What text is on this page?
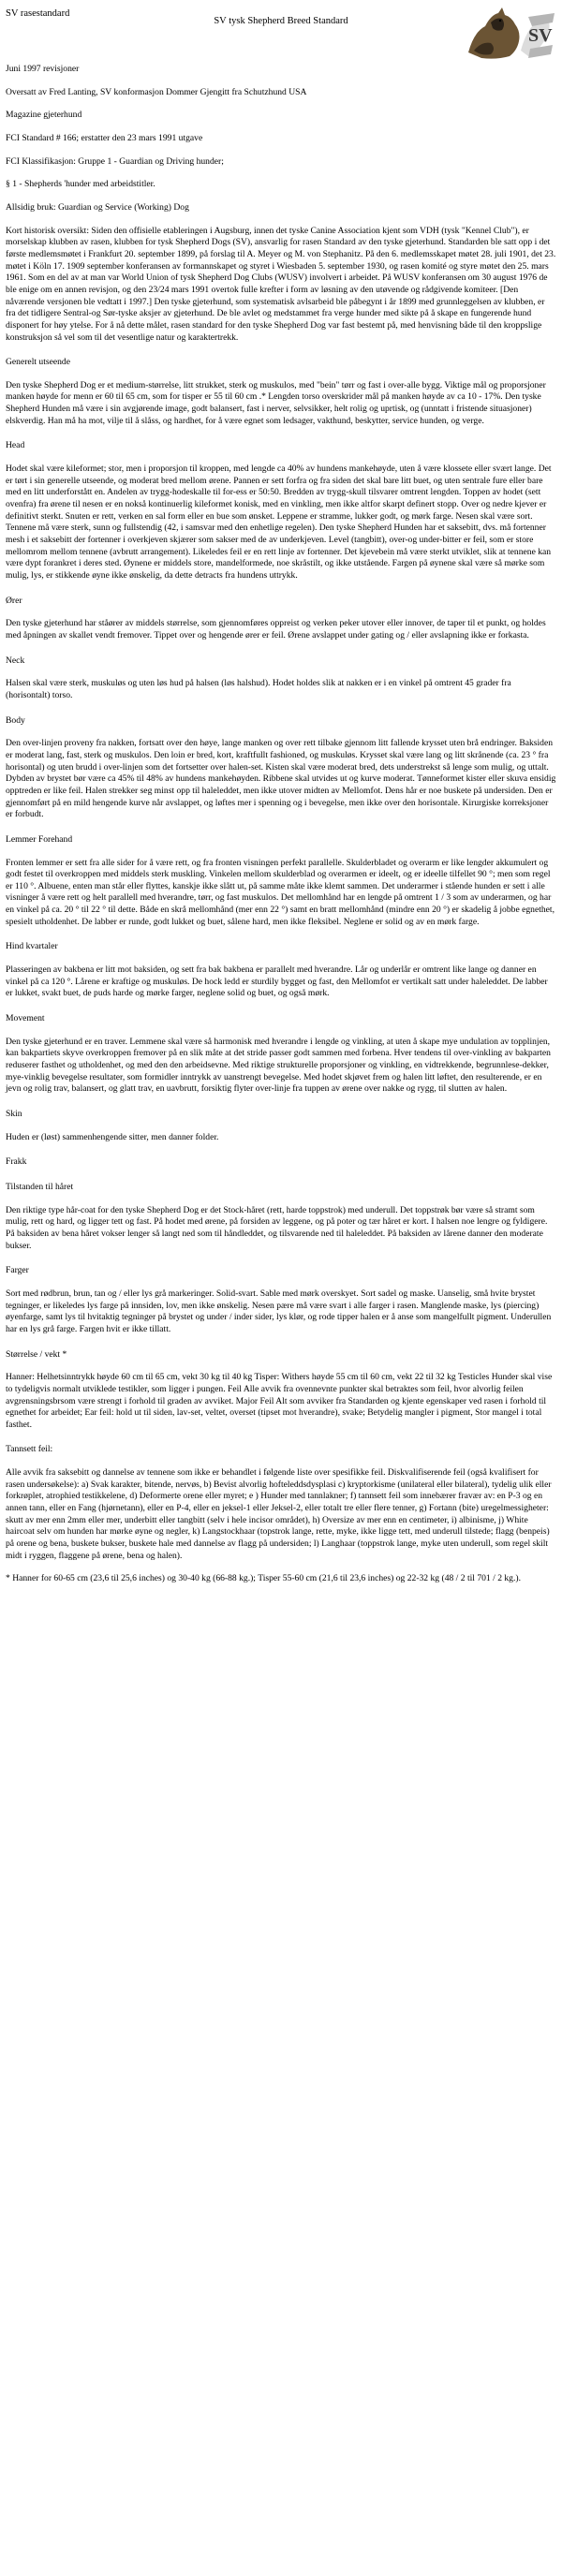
SV rasestandard
SV tysk Shepherd Breed Standard
SV

Juni 1997 revisjoner

Oversatt av Fred Lanting, SV konformasjon Dommer Gjengitt fra Schutzhund USA

Magazine gjeterhund

FCI Standard # 166; erstatter den 23 mars 1991 utgave

FCI Klassifikasjon: Gruppe 1 - Guardian og Driving hunder;

§ 1 - Shepherds 'hunder med arbeidstitler.

Allsidig bruk: Guardian og Service (Working) Dog

Kort historisk oversikt: Siden den offisielle etableringen i Augsburg, innen det tyske Canine Association kjent som VDH (tysk "Kennel Club"), er morselskap klubben av rasen, klubben for tysk Shepherd Dogs (SV), ansvarlig for rasen Standard av den tyske gjeterhund. Standarden ble satt opp i det første medlemsmøtet i Frankfurt 20. september 1899, på forslag til A. Meyer og M. von Stephanitz. På den 6. medlemsskapet møtet 28. juli 1901, det 23. møtet i Köln 17. 1909 september konferansen av formannskapet og styret i Wiesbaden 5. september 1930, og rasen komité og styre møtet den 25. mars 1961. Som en del av at man var World Union of tysk Shepherd Dog Clubs (WUSV) involvert i arbeidet. På WUSV konferansen om 30 august 1976 de ble enige om en annen revisjon, og den 23/24 mars 1991 overtok fulle krefter i form av løsning av den utøvende og rådgivende komiteer. [Den nåværende versjonen ble vedtatt i 1997.] Den tyske gjeterhund, som systematisk avlsarbeid ble påbegynt i år 1899 med grunnleggelsen av klubben, er fra det tidligere Sentral-og Sør-tyske aksjer av gjeterhund. De ble avlet og medstammet fra verge hunder med sikte på å skape en fungerende hund disponert for høy ytelse. For å nå dette målet, rasen standard for den tyske Shepherd Dog var fast bestemt på, med henvisning både til den kroppslige konstruksjon så vel som til det vesentlige natur og karaktertrekk.

Generelt utseende

Den tyske Shepherd Dog er et medium-størrelse, litt strukket, sterk og muskulos, med "bein" tørr og fast i over-alle bygg. Viktige mål og proporsjoner manken høyde for menn er 60 til 65 cm, som for tisper er 55 til 60 cm .* Lengden torso overskrider mål på manken høyde av ca 10 - 17%. Den tyske Shepherd Hunden må være i sin avgjørende image, godt balansert, fast i nerver, selvsikker, helt rolig og uprtisk, og (unntatt i fristende situasjoner) elskverdig. Han må ha mot, vilje til å slåss, og hardhet, for å være egnet som ledsager, vakthund, beskytter, service hunden, og verge.

Head

Hodet skal være kileformet; stor, men i proporsjon til kroppen, med lengde ca 40% av hundens mankehøyde, uten å være klossete eller svært lange. Det er tørt i sin generelle utseende, og moderat bred mellom ørene. Pannen er sett forfra og fra siden det skal bare litt buet, og uten sentrale fure eller bare med en litt underforstått en. Andelen av trygg-hodeskalle til for-ess er 50:50. Bredden av trygg-skull tilsvarer omtrent lengden. Toppen av hodet (sett ovenfra) fra ørene til nesen er en nokså kontinuerlig kileformet konisk, med en vinkling, men ikke altfor skarpt definert stopp. Over og nedre kjever er definitivt sterkt. Snuten er rett, verken en sal form eller en bue som ønsket. Leppene er stramme, lukker godt, og mørk farge. Nesen skal være sort. Tennene må være sterk, sunn og fullstendig (42, i samsvar med den enhetlige regelen). Den tyske Shepherd Hunden har et saksebitt, dvs. må fortenner mesh i et saksebitt der fortenner i overkjeven skjærer som sakser med de av underkjeven. Level (tangbitt), over-og under-bitter er feil, som er store mellomrom mellom tennene (avbrutt arrangement). Likeledes feil er en rett linje av fortenner. Det kjevebein må være sterkt utviklet, slik at tennene kan være dypt forankret i deres sted. Øynene er middels store, mandelformede, noe skråstilt, og ikke utstående. Fargen på øynene skal være så mørke som mulig, lys, er stikkende øyne ikke ønskelig, da dette detracts fra hundens uttrykk.

Ører

Den tyske gjeterhund har ståører av middels størrelse, som gjennomføres oppreist og verken peker utover eller innover, de taper til et punkt, og holdes med åpningen av skallet vendt fremover. Tippet over og hengende ører er feil. Ørene avslappet under gating og / eller avslapning ikke er forkasta.

Neck

Halsen skal være sterk, muskuløs og uten løs hud på halsen (løs halshud). Hodet holdes slik at nakken er i en vinkel på omtrent 45 grader fra (horisontalt) torso.

Body

Den over-linjen proveny fra nakken, fortsatt over den høye, lange manken og over rett tilbake gjennom litt fallende krysset uten brå endringer. Baksiden er moderat lang, fast, sterk og muskulos. Den loin er bred, kort, kraftfullt fashioned, og muskuløs. Krysset skal være lang og litt skrånende (ca. 23 ° fra horisontal) og uten brudd i over-linjen som det fortsetter over halen-set. Kisten skal være moderat bred, dets understrekst så lenge som mulig, og uttalt. Dybden av brystet bør være ca 45% til 48% av hundens mankehøyden. Ribbene skal utvides ut og kurve moderat. Tønneformet kister eller skuva ensidig opptreden er like feil. Halen strekker seg minst opp til haleleddet, men ikke utover midten av Mellomfot. Dens hår er noe buskete på undersiden. Den er gjennomført på en mild hengende kurve når avslappet, og løftes mer i spenning og i bevegelse, men ikke over den horisontale. Kirurgiske korreksjoner er forbudt.

Lemmer Forehand

Fronten lemmer er sett fra alle sider for å være rett, og fra fronten visningen perfekt parallelle. Skulderbladet og overarm er like lengder akkumulert og godt festet til overkroppen med middels sterk muskling. Vinkelen mellom skulderblad og overarmen er ideelt, og er ideelle tilfellet 90 °; men som regel er 110 °. Albuene, enten man står eller flyttes, kanskje ikke slått ut, på samme måte ikke klemt sammen. Det underarmer i stående hunden er sett i alle visninger å være rett og helt parallell med hverandre, tørr, og fast muskulos. Det mellomhånd har en lengde på omtrent 1 / 3 som av underarmen, og har en vinkel på ca. 20 ° til 22 ° til dette. Både en skrå mellomhånd (mer enn 22 °) samt en bratt mellomhånd (mindre enn 20 °) er skadelig å jobbe egnethet, spesielt utholdenhet. De labber er runde, godt lukket og buet, sålene hard, men ikke fleksibel. Neglene er solid og av en mørk farge.

Hind kvartaler

Plasseringen av bakbena er litt mot baksiden, og sett fra bak bakbena er parallelt med hverandre. Lår og underlår er omtrent like lange og danner en vinkel på ca 120 °. Lårene er kraftige og muskuløs. De hock ledd er sturdily bygget og fast, den Mellomfot er vertikalt satt under haleleddet. De labber er lukket, svakt buet, de puds harde og mørke farger, neglene solid og buet, og også mørk.

Movement

Den tyske gjeterhund er en traver. Lemmene skal være så harmonisk med hverandre i lengde og vinkling, at uten å skape mye undulation av topplinjen, kan bakpartiets skyve overkroppen fremover på en slik måte at det stride passer godt sammen med forbena. Hver tendens til over-vinkling av bakparten reduserer fasthet og utholdenhet, og med den den arbeidsevne. Med riktige strukturelle proporsjoner og vinkling, en vidtrekkende, begrunnlese-dekker, mye-vinklig bevegelse resultater, som formidler inntrykk av uanstrengt bevegelse. Med hodet skjøvet frem og halen litt løftet, den resulterende, er en jevn og rolig trav, balansert, og glatt trav, en uavbrutt, forsiktig flyter over-linje fra tuppen av ørene over nakke og rygg, til slutten av halen.

Skin

Huden er (løst) sammenhengende sitter, men danner folder.

Frakk

Tilstanden til håret

Den riktige type hår-coat for den tyske Shepherd Dog er det Stock-håret (rett, harde toppstrok) med underull. Det toppstrøk bør være så stramt som mulig, rett og hard, og ligger tett og fast. På hodet med ørene, på forsiden av leggene, og på poter og tær håret er kort. I halsen noe lengre og fyldigere. På baksiden av bena håret vokser lenger så langt ned som til håndleddet, og tilsvarende ned til haleleddet. På baksiden av lårene danner den moderate bukser.

Farger

Sort med rødbrun, brun, tan og / eller lys grå markeringer. Solid-svart. Sable med mørk overskyet. Sort sadel og maske. Uanselig, små hvite brystet tegninger, er likeledes lys farge på innsiden, lov, men ikke ønskelig. Nesen pære må være svart i alle farger i rasen. Manglende maske, lys (piercing) øyenfarge, samt lys til hvitaktig tegninger på brystet og under / inder sider, lys klør, og rode tipper halen er å anse som mangelfullt pigment. Underullen har en lys grå farge. Fargen hvit er ikke tillatt.

Størrelse / vekt *

Hanner: Helhetsinntrykk høyde 60 cm til 65 cm, vekt 30 kg til 40 kg Tisper: Withers høyde 55 cm til 60 cm, vekt 22 til 32 kg Testicles Hunder skal vise to tydeligvis normalt utviklede testikler, som ligger i pungen. Feil Alle avvik fra ovennevnte punkter skal betraktes som feil, hvor alvorlig feilen avgrensningsbrsom være strengt i forhold til graden av avviket. Major Feil Alt som avviker fra Standarden og kjente egenskaper ved rasen i forhold til egnethet for arbeidet; Ear feil: hold ut til siden, lav-set, veltet, overset (tipset mot hverandre), svake; Betydelig mangler i pigment, Stor mangel i total fasthet.

Tannsett feil:

Alle avvik fra saksebitt og dannelse av tennene som ikke er behandlet i følgende liste over spesifikke feil. Diskvalifiserende feil (også kvalifisert for rasen undersøkelse): a) Svak karakter, bitende, nervøs, b) Bevist alvorlig hofteleddsdysplasi c) kryptorkisme (unilateral eller bilateral), tydelig ulik eller forkrøplet, atrophied testikkelene, d) Deformerte orene eller myret; e ) Hunder med tannlakner; f) tannsett feil som innebærer fravær av: en P-3 og en annen tann, eller en Fang (hjørnetann), eller en P-4, eller en jeksel-1 eller Jeksel-2, eller totalt tre eller flere tenner, g) Fortann (bite) uregelmessigheter: skutt av mer enn 2mm eller mer, underbitt eller tangbitt (selv i hele incisor området), h) Oversize av mer enn en centimeter, i) albinisme, j) White haircoat selv om hunden har mørke øyne og negler, k) Langstockhaar (topstrok lange, rette, myke, ikke ligge tett, med underull tilstede; flagg (benpeis) på orene og bena, buskete bukser, buskete hale med dannelse av flagg på undersiden; l) Langhaar (toppstrok lange, myke uten underull, som regel skilt midt i ryggen, flaggene på ørene, bena og halen).

* Hanner for 60-65 cm (23,6 til 25,6 inches) og 30-40 kg (66-88 kg.); Tisper 55-60 cm (21,6 til 23,6 inches) og 22-32 kg (48 / 2 til 701 / 2 kg.).
